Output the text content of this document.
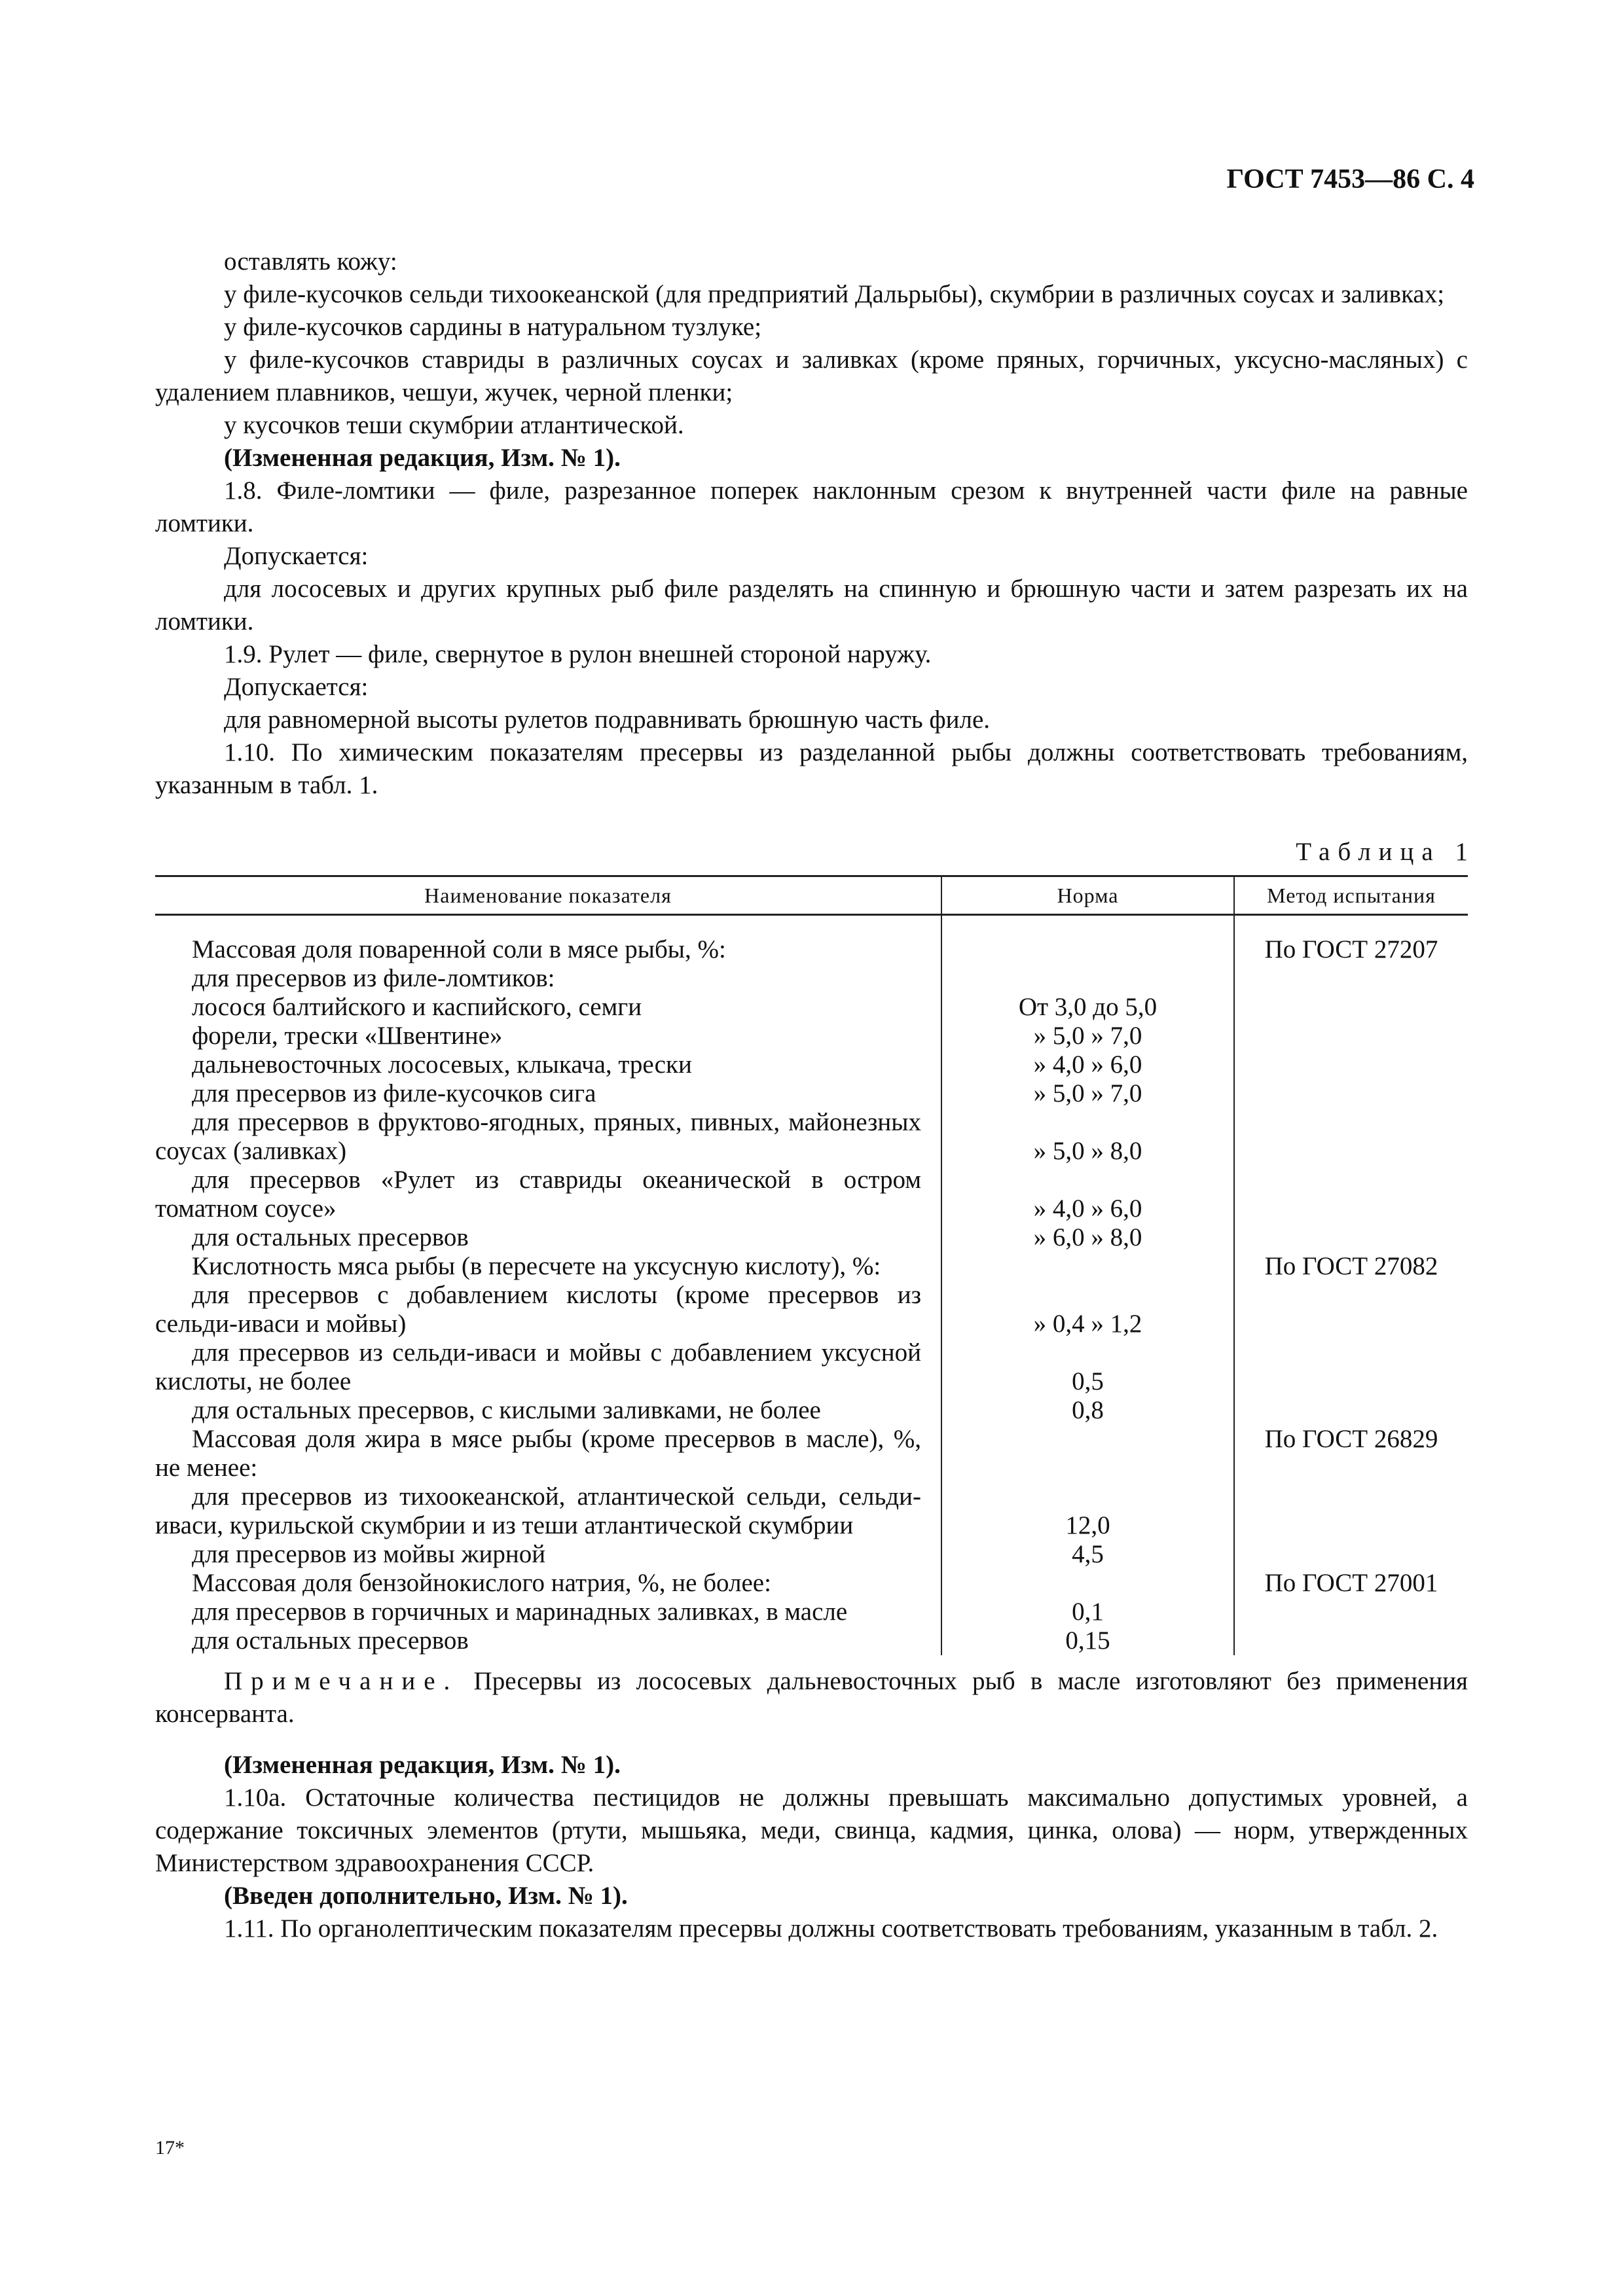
ГОСТ 7453—86 С. 4

оставлять кожу:

у филе-кусочков сельди тихоокеанской (для предприятий Дальрыбы), скумбрии в различных соусах и заливках;

у филе-кусочков сардины в натуральном тузлуке;

у филе-кусочков ставриды в различных соусах и заливках (кроме пряных, горчичных, уксусно-масляных) с удалением плавников, чешуи, жучек, черной пленки;

у кусочков теши скумбрии атлантической.

(Измененная редакция, Изм. № 1).

1.8. Филе-ломтики — филе, разрезанное поперек наклонным срезом к внутренней части филе на равные ломтики.

Допускается:

для лососевых и других крупных рыб филе разделять на спинную и брюшную части и затем разрезать их на ломтики.

1.9. Рулет — филе, свернутое в рулон внешней стороной наружу.

Допускается:

для равномерной высоты рулетов подравнивать брюшную часть филе.

1.10. По химическим показателям пресервы из разделанной рыбы должны соответствовать требованиям, указанным в табл. 1.

Таблица 1
Наименование показателя	Норма	Метод испытания

Массовая доля поваренной соли в мясе рыбы, %:		По ГОСТ 27207

для пресервов из филе-ломтиков:		

лосося балтийского и каспийского, семги	От 3,0 до 5,0	

форели, трески «Швентине»	» 5,0 » 7,0	

дальневосточных лососевых, клыкача, трески	» 4,0 » 6,0	

для пресервов из филе-кусочков сига	» 5,0 » 7,0	

для пресервов в фруктово-ягодных, пряных, пивных, майонезных соусах (заливках)	» 5,0 » 8,0	

для пресервов «Рулет из ставриды океанической в остром томатном соусе»	» 4,0 » 6,0	

для остальных пресервов	» 6,0 » 8,0	

Кислотность мяса рыбы (в пересчете на уксусную кислоту), %:		По ГОСТ 27082

для пресервов с добавлением кислоты (кроме пресервов из сельди-иваси и мойвы)	» 0,4 » 1,2	

для пресервов из сельди-иваси и мойвы с добавлением уксусной кислоты, не более	0,5	

для остальных пресервов, с кислыми заливками, не более	0,8	

Массовая доля жира в мясе рыбы (кроме пресервов в масле), %, не менее:		По ГОСТ 26829

для пресервов из тихоокеанской, атлантической сельди, сельди-иваси, курильской скумбрии и из теши атлантической скумбрии	12,0	

для пресервов из мойвы жирной	4,5	

Массовая доля бензойнокислого натрия, %, не более:		По ГОСТ 27001

для пресервов в горчичных и маринадных заливках, в масле	0,1	

для остальных пресервов	0,15	

Примечание. Пресервы из лососевых дальневосточных рыб в масле изготовляют без применения консерванта.

(Измененная редакция, Изм. № 1).

1.10а. Остаточные количества пестицидов не должны превышать максимально допустимых уровней, а содержание токсичных элементов (ртути, мышьяка, меди, свинца, кадмия, цинка, олова) — норм, утвержденных Министерством здравоохранения СССР.

(Введен дополнительно, Изм. № 1).

1.11. По органолептическим показателям пресервы должны соответствовать требованиям, указанным в табл. 2.

17*
